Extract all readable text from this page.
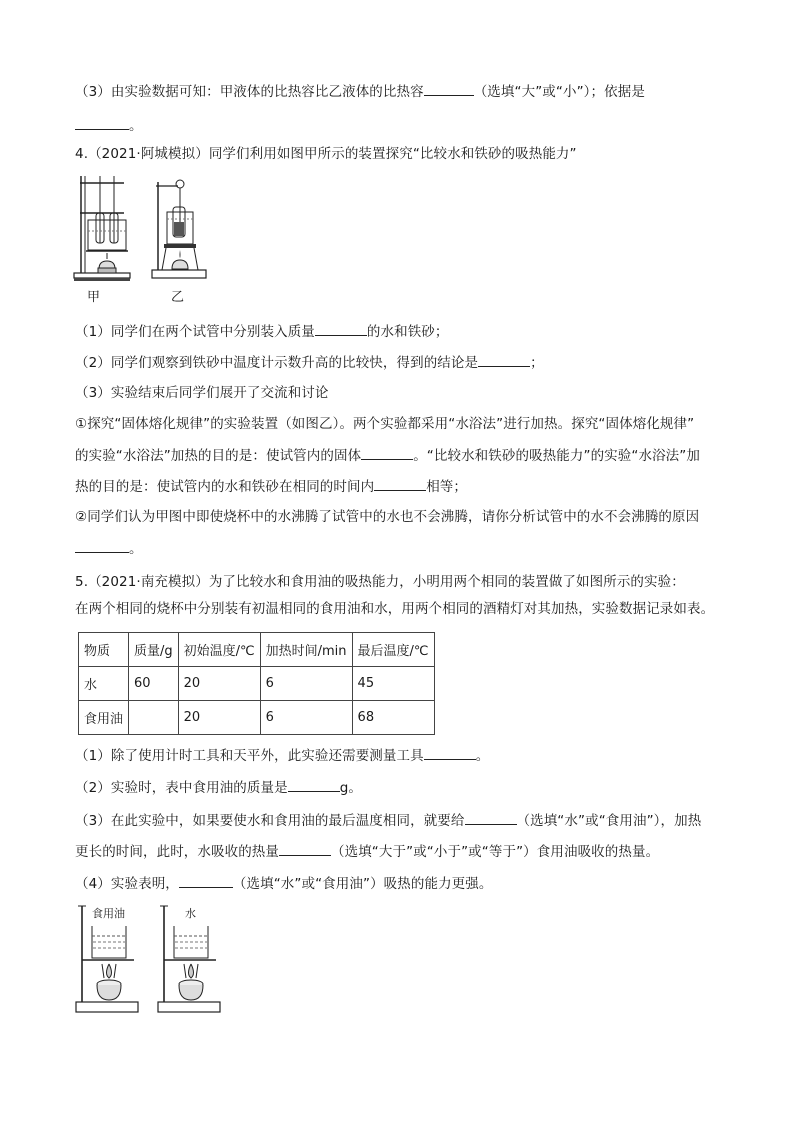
（3）由实验数据可知：甲液体的比热容比乙液体的比热容	（选填“大”或“小”）；依据是
。
4.（2021·阿城模拟）同学们利用如图甲所示的装置探究“比较水和铁砂的吸热能力”
甲	乙
（1）同学们在两个试管中分别装入质量	的水和铁砂；
（2）同学们观察到铁砂中温度计示数升高的比较快，得到的结论是	；
（3）实验结束后同学们展开了交流和讨论
①探究“固体熔化规律”的实验装置（如图乙）。两个实验都采用“水浴法”进行加热。探究“固体熔化规律”
的实验“水浴法”加热的目的是：使试管内的固体	。“比较水和铁砂的吸热能力”的实验“水浴法”加
热的目的是：使试管内的水和铁砂在相同的时间内	相等；
②同学们认为甲图中即使烧杯中的水沸腾了试管中的水也不会沸腾，请你分析试管中的水不会沸腾的原因
。
5.（2021·南充模拟）为了比较水和食用油的吸热能力，小明用两个相同的装置做了如图所示的实验：
在两个相同的烧杯中分别装有初温相同的食用油和水，用两个相同的酒精灯对其加热，实验数据记录如表。
物质	质量/g	初始温度/℃	加热时间/min	最后温度/℃
水	60	20	6	45
食用油		20	6	68
（1）除了使用计时工具和天平外，此实验还需要测量工具	。
（2）实验时，表中食用油的质量是	g。
（3）在此实验中，如果要使水和食用油的最后温度相同，就要给	（选填“水”或“食用油”），加热
更长的时间，此时，水吸收的热量	（选填“大于”或“小于”或“等于”）食用油吸收的热量。
（4）实验表明，	（选填“水”或“食用油”）吸热的能力更强。
食用油	水
